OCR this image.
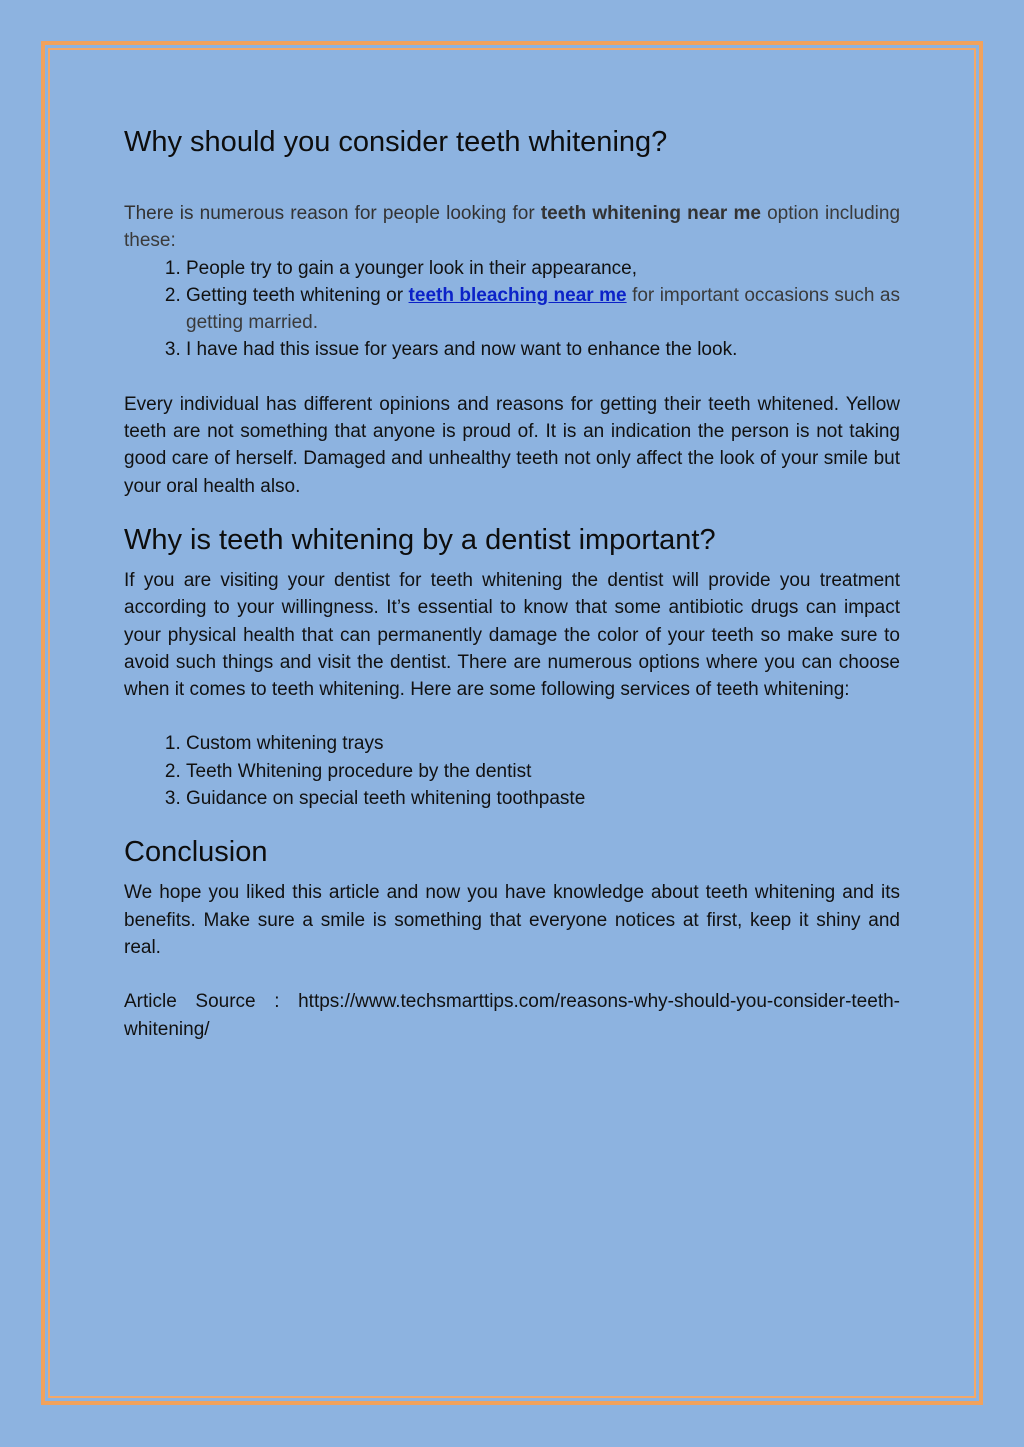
Why should you consider teeth whitening?

There is numerous reason for people looking for teeth whitening near me option including these:

1. People try to gain a younger look in their appearance,
2. Getting teeth whitening or teeth bleaching near me for important occasions such as getting married.
3. I have had this issue for years and now want to enhance the look.

Every individual has different opinions and reasons for getting their teeth whitened. Yellow teeth are not something that anyone is proud of. It is an indication the person is not taking good care of herself. Damaged and unhealthy teeth not only affect the look of your smile but your oral health also.

Why is teeth whitening by a dentist important?

If you are visiting your dentist for teeth whitening the dentist will provide you treatment according to your willingness. It’s essential to know that some antibiotic drugs can impact your physical health that can permanently damage the color of your teeth so make sure to avoid such things and visit the dentist. There are numerous options where you can choose when it comes to teeth whitening. Here are some following services of teeth whitening:

1. Custom whitening trays
2. Teeth Whitening procedure by the dentist
3. Guidance on special teeth whitening toothpaste
Conclusion

We hope you liked this article and now you have knowledge about teeth whitening and its benefits. Make sure a smile is something that everyone notices at first, keep it shiny and real.

Article Source : https://www.techsmarttips.com/reasons-why-should-you-consider-teeth-whitening/
